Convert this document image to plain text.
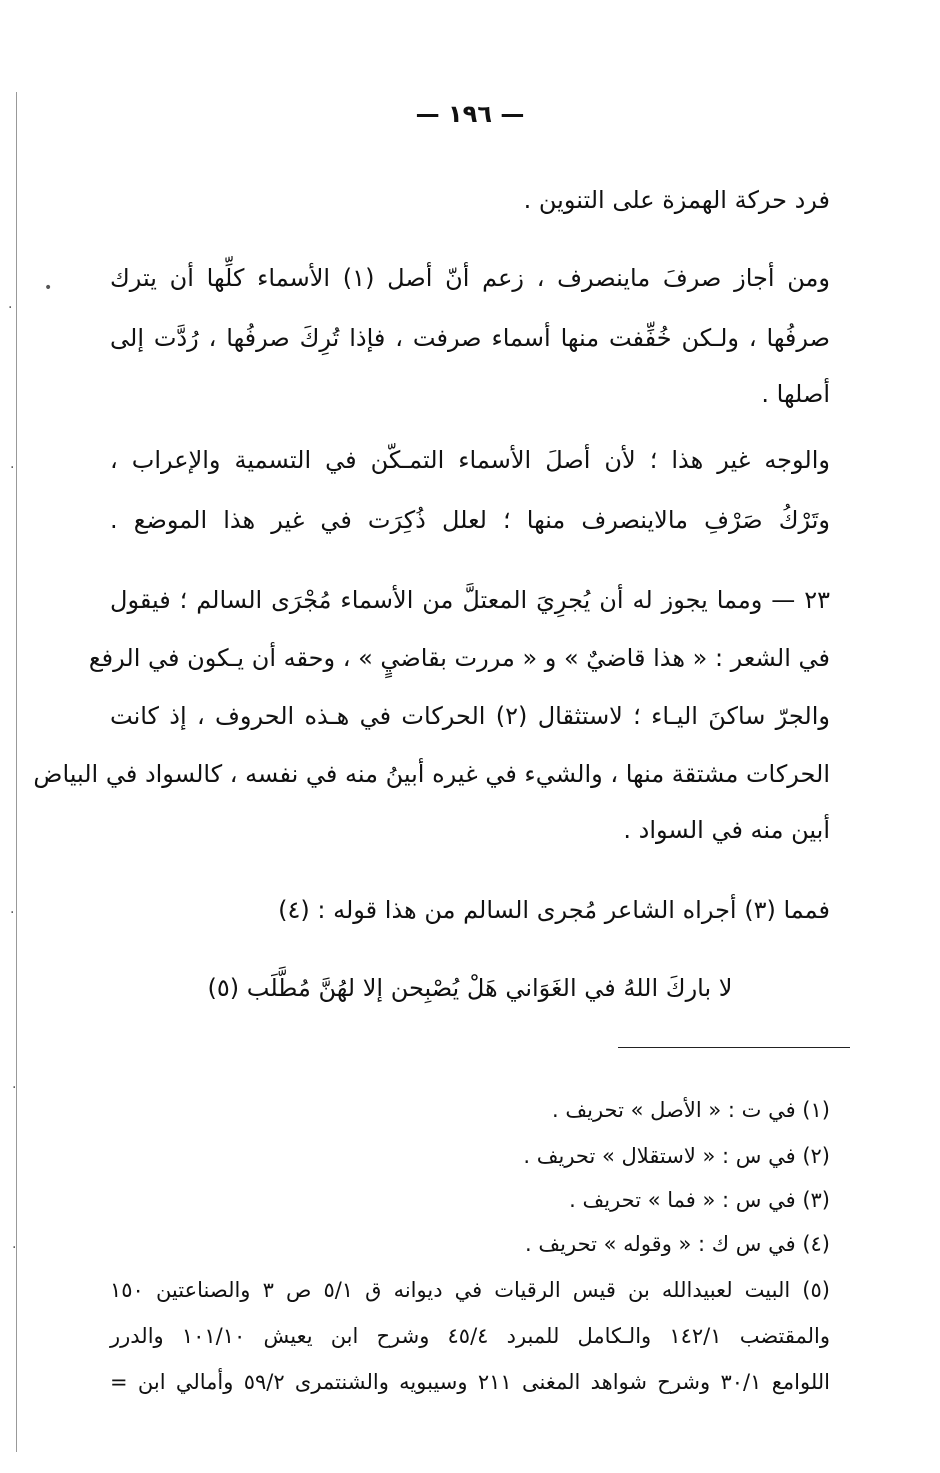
•
·
·
·
·
·
— ١٩٦ —
فرد حركة الهمزة على التنوين .
ومن أجاز صرفَ ماينصرف ، زعم أنّ أصل (١) الأسماء كلِّها أن يترك
صرفُها ، ولـكن خُفِّفت منها أسماء صرفت ، فإذا تُرِكَ صرفُها ، رُدَّت إلى
أصلها .
والوجه غير هذا ؛ لأن أصلَ الأسماء التمـكّن في التسمية والإعراب ،
وتَرْكُ صَرْفِ مالاينصرف منها ؛ لعلل ذُكِرَت في غير هذا الموضع .
٢٣ — ومما يجوز له أن يُجرِيَ المعتلَّ من الأسماء مُجْرَى السالم ؛ فيقول
في الشعر : « هذا قاضيٌ » و « مررت بقاضيٍ » ، وحقه أن يـكون في الرفع
والجرّ ساكنَ اليـاء ؛ لاستثقال (٢) الحركات في هـذه الحروف ، إذ كانت
الحركات مشتقة منها ، والشيء في غيره أبينُ منه في نفسه ، كالسواد في البياض
أبين منه في السواد .
فمما (٣) أجراه الشاعر مُجرى السالم من هذا قوله : (٤)
لا باركَ اللهُ في الغَوَاني هَلْ يُصْبِحن إلا لهُنَّ مُطَّلَب (٥)
(١) في ت : « الأصل » تحريف .
(٢) في س : « لاستقلال » تحريف .
(٣) في س : « فما » تحريف .
(٤) في س ك : « وقوله » تحريف .
(٥) البيت لعبيدالله بن قيس الرقيات في ديوانه ق ٥/١ ص ٣ والصناعتين ١٥٠
والمقتضب ١٤٢/١ والـكامل للمبرد ٤٥/٤ وشرح ابن يعيش ١٠١/١٠ والدرر
اللوامع ٣٠/١ وشرح شواهد المغنى ٢١١ وسيبويه والشنتمرى ٥٩/٢ وأمالي ابن =
